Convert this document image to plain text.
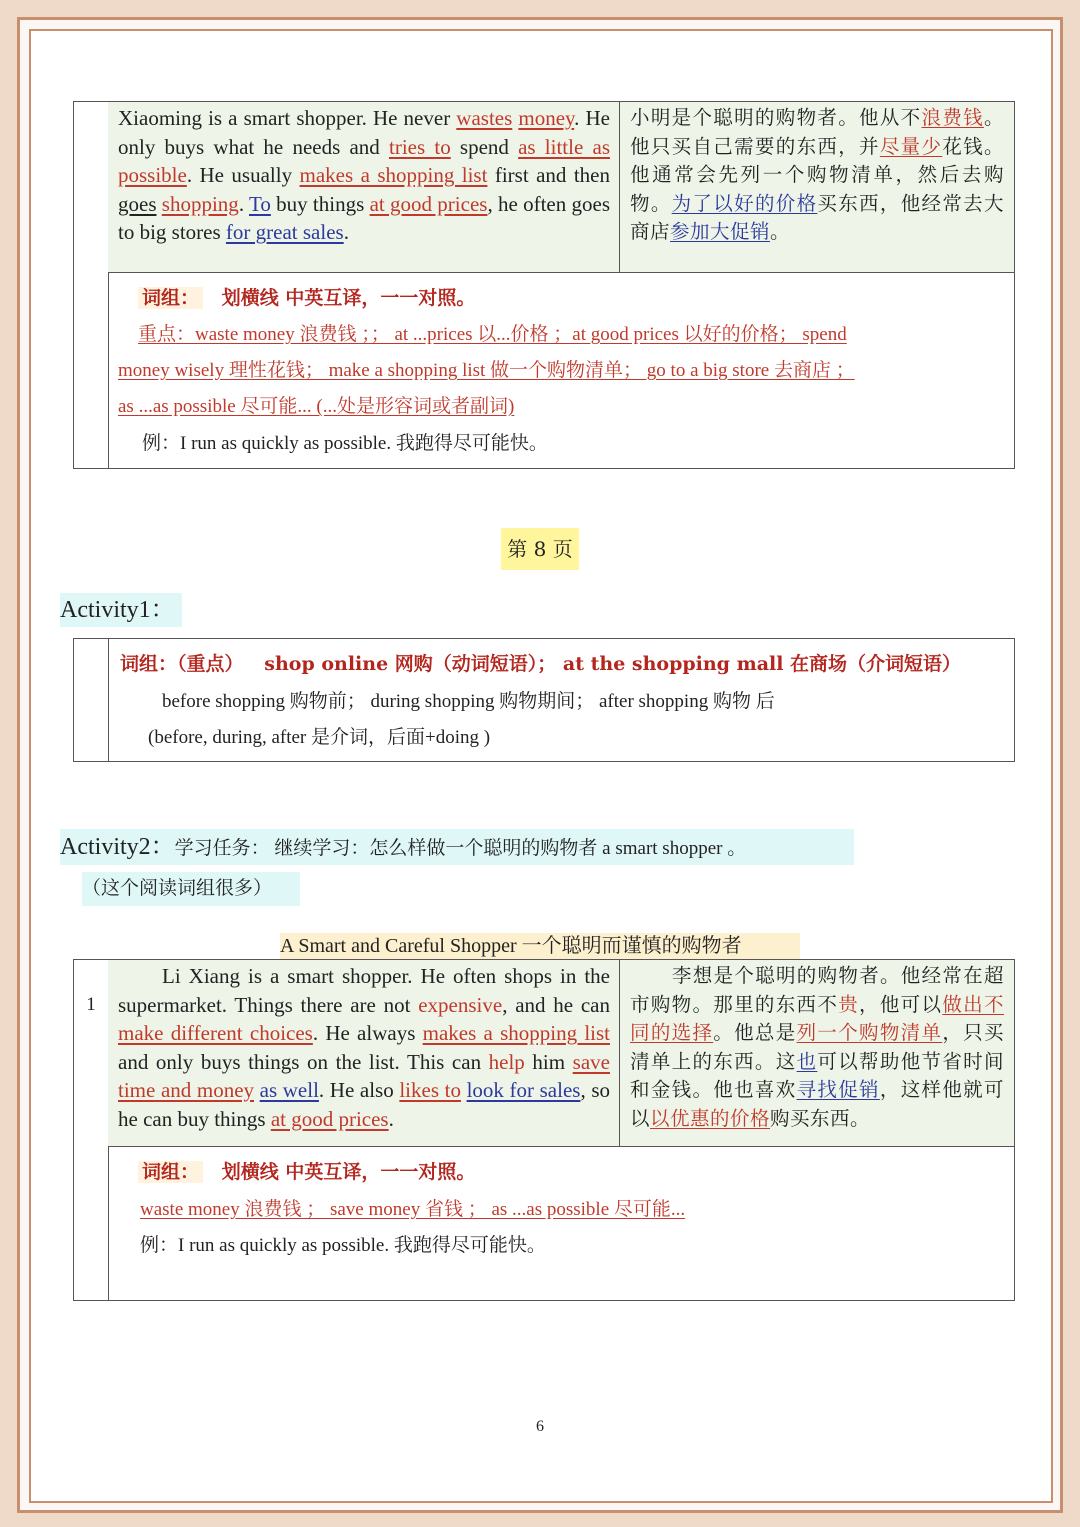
Xiaoming is a smart shopper. He never wastes money. He only buys what he needs and tries to spend as little as possible. He usually makes a shopping list first and then goes shopping. To buy things at good prices, he often goes to big stores for great sales.
小明是个聪明的购物者。他从不浪费钱。他只买自己需要的东西，并尽量少花钱。他通常会先列一个购物清单，然后去购物。为了以好的价格买东西，他经常去大商店参加大促销。
词组： 划横线 中英互译，一一对照。
重点：waste money 浪费钱 ；； at ...prices 以...价格 ；at good prices 以好的价格； spend
money wisely 理性花钱； make a shopping list 做一个购物清单； go to a big store 去商店 ；
as ...as possible 尽可能... (...处是形容词或者副词)
例：I run as quickly as possible. 我跑得尽可能快。
第 8 页
Activity1：
词组：（重点） shop online 网购（动词短语）； at the shopping mall 在商场（介词短语）
before shopping 购物前； during shopping 购物期间； after shopping 购物 后
(before, during, after 是介词，后面+doing )
Activity2：学习任务： 继续学习：怎么样做一个聪明的购物者 a smart shopper 。
（这个阅读词组很多）
A Smart and Careful Shopper 一个聪明而谨慎的购物者
1
Li Xiang is a smart shopper. He often shops in the supermarket. Things there are not expensive, and he can make different choices. He always makes a shopping list and only buys things on the list. This can help him save time and money as well. He also likes to look for sales, so he can buy things at good prices.
李想是个聪明的购物者。他经常在超市购物。那里的东西不贵，他可以做出不同的选择。他总是列一个购物清单，只买清单上的东西。这也可以帮助他节省时间和金钱。他也喜欢寻找促销，这样他就可以以优惠的价格购买东西。
词组： 划横线 中英互译，一一对照。
waste money 浪费钱 ； save money 省钱 ； as ...as possible 尽可能...
例：I run as quickly as possible. 我跑得尽可能快。
6
